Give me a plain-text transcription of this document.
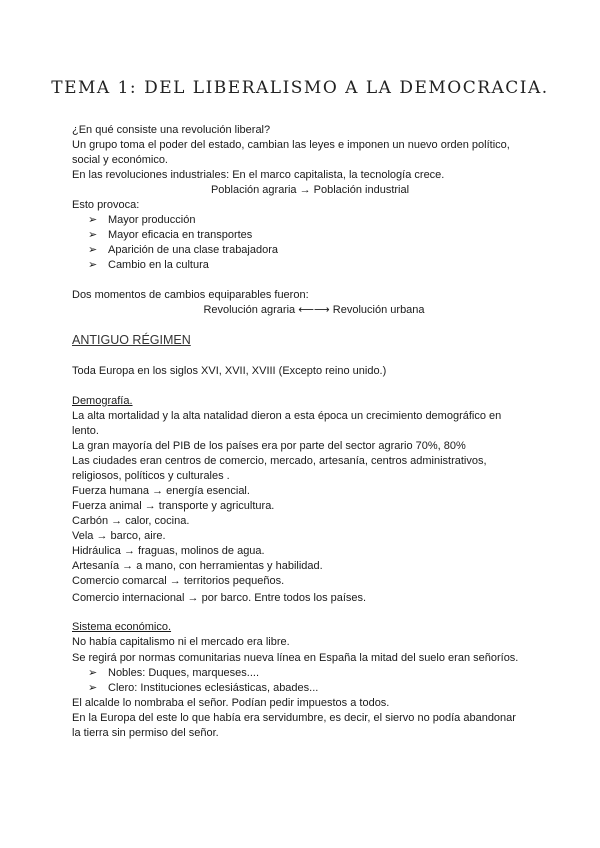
TEMA 1: DEL LIBERALISMO A LA DEMOCRACIA.
¿En qué consiste una revolución liberal?
Un grupo toma el poder del estado, cambian las leyes e imponen un nuevo orden político,
social y económico.
En las revoluciones industriales: En el marco capitalista, la tecnología crece.
Población agraria → Población industrial
Esto provoca:
➢ Mayor producción
➢ Mayor eficacia en transportes
➢ Aparición de una clase trabajadora
➢ Cambio en la cultura
Dos momentos de cambios equiparables fueron:
Revolución agraria ⟵⟶ Revolución urbana
ANTIGUO RÉGIMEN
Toda Europa en los siglos XVI, XVII, XVIII (Excepto reino unido.)
Demografía.
La alta mortalidad y la alta natalidad dieron a esta época un crecimiento demográfico en
lento.
La gran mayoría del PIB de los países era por parte del sector agrario 70%, 80%
Las ciudades eran centros de comercio, mercado, artesanía, centros administrativos,
religiosos, políticos y culturales .
Fuerza humana → energía esencial.
Fuerza animal → transporte y agricultura.
Carbón → calor, cocina.
Vela → barco, aire.
Hidráulica → fraguas, molinos de agua.
Artesanía → a mano, con herramientas y habilidad.
Comercio comarcal → territorios pequeños.
Comercio internacional → por barco. Entre todos los países.
Sistema económico.
No había capitalismo ni el mercado era libre.
Se regirá por normas comunitarias nueva línea en España la mitad del suelo eran señoríos.
➢ Nobles: Duques, marqueses....
➢ Clero: Instituciones eclesiásticas, abades...
El alcalde lo nombraba el señor. Podían pedir impuestos a todos.
En la Europa del este lo que había era servidumbre, es decir, el siervo no podía abandonar
la tierra sin permiso del señor.
